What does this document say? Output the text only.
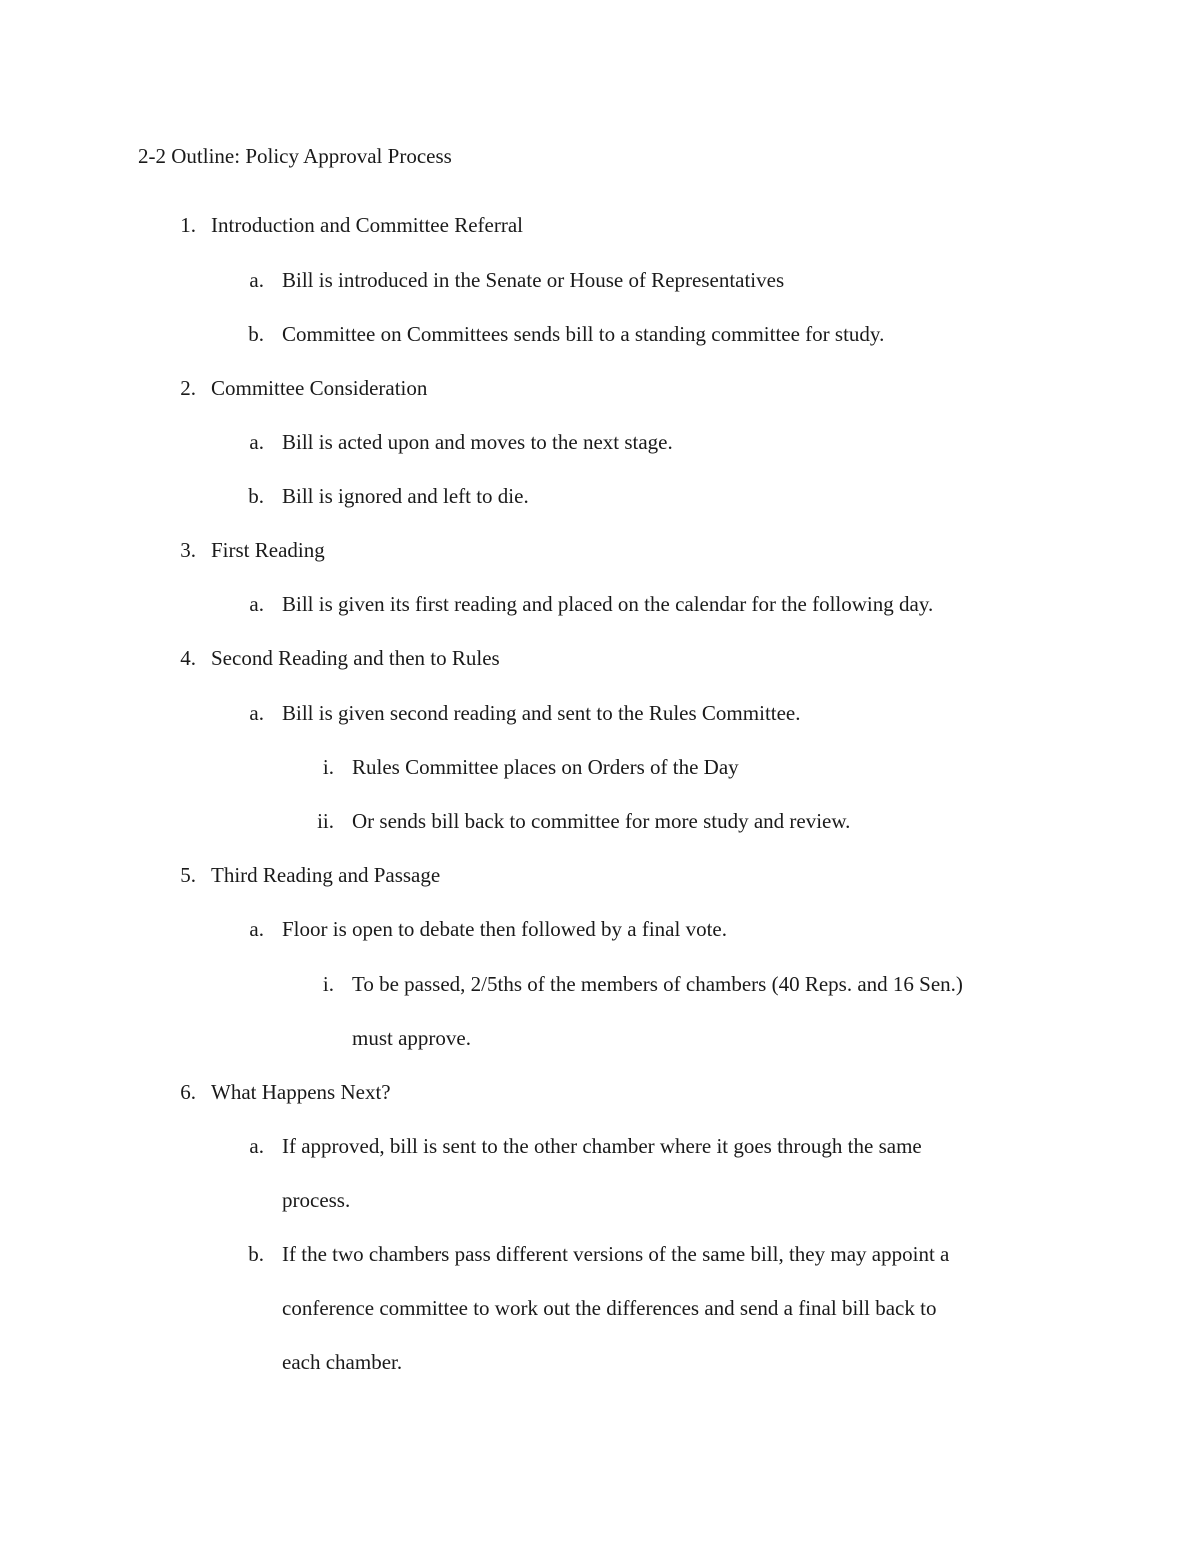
2-2 Outline: Policy Approval Process
1. Introduction and Committee Referral
a. Bill is introduced in the Senate or House of Representatives
b. Committee on Committees sends bill to a standing committee for study.
2. Committee Consideration
a. Bill is acted upon and moves to the next stage.
b. Bill is ignored and left to die.
3. First Reading
a. Bill is given its first reading and placed on the calendar for the following day.
4. Second Reading and then to Rules
a. Bill is given second reading and sent to the Rules Committee.
i. Rules Committee places on Orders of the Day
ii. Or sends bill back to committee for more study and review.
5. Third Reading and Passage
a. Floor is open to debate then followed by a final vote.
i. To be passed, 2/5ths of the members of chambers (40 Reps. and 16 Sen.)
must approve.
6. What Happens Next?
a. If approved, bill is sent to the other chamber where it goes through the same
process.
b. If the two chambers pass different versions of the same bill, they may appoint a
conference committee to work out the differences and send a final bill back to
each chamber.
